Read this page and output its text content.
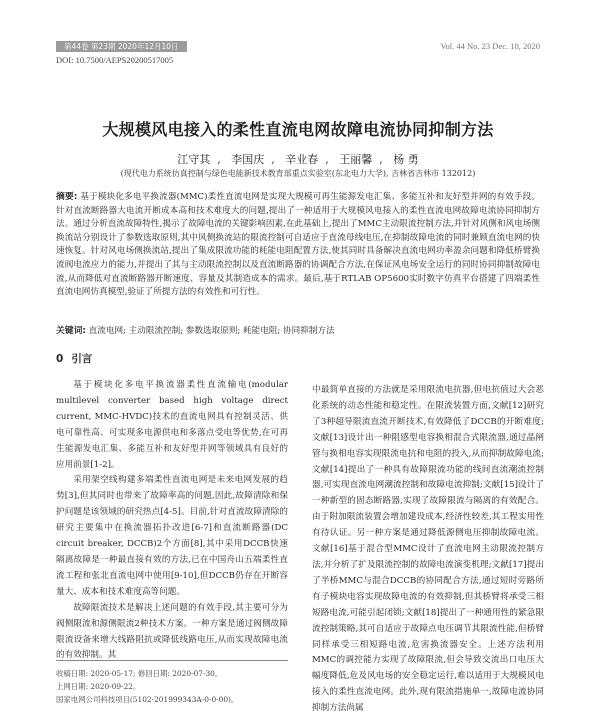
第44卷 第23期 2020年12月10日	Vol. 44 No. 23 Dec. 10, 2020
DOI: 10.7500/AEPS20200517005
大规模风电接入的柔性直流电网故障电流协同抑制方法
江守其 , 李国庆 , 辛业春 , 王丽馨 , 杨 勇
(现代电力系统仿真控制与绿色电能新技术教育部重点实验室(东北电力大学), 吉林省吉林市 132012)
摘要: 基于模块化多电平换流器(MMC)柔性直流电网是实现大规模可再生能源发电汇集、多能互补和友好型并网的有效手段。针对直流断路器大电流开断成本高和技术难度大的问题,提出了一种适用于大规模风电接入的柔性直流电网故障电流协同抑制方法。通过分析直流故障特性,揭示了故障电流的关键影响因素,在此基础上,提出了MMC主动限流控制方法,并针对风侧和风电场侧换流站分别设计了参数选取原则,其中风侧换流站的限流控制可自适应于直流母线电压,在抑制故障电流的同时兼顾直流电网的快速恢复。针对风电场侧换流站,提出了集成限流功能的耗能电阻配置方法,使其同时具备解决直流电网功率盈余问题和降低桥臂换流阀电流应力的能力,并提出了其与主动限流控制以及直流断路器的协调配合方法,在保证风电场安全运行的同时协同抑制故障电流,从而降低对直流断路器开断速度、容量及其制造成本的需求。最后,基于RTLAB OP5600实时数字仿真平台搭建了四端柔性直流电网仿真模型,验证了所提方法的有效性和可行性。
关键词: 直流电网; 主动限流控制; 参数选取原则; 耗能电阻; 协同抑制方法
0 引言

基于模块化多电平换流器柔性直流输电(modular multilevel converter based high voltage direct current, MMC-HVDC)技术的直流电网具有控制灵活、供电可靠性高、可实现多电源供电和多落点受电等优势,在可再生能源发电汇集、多能互补和友好型并网等领域具有良好的应用前景[1-2]。

采用架空线构建多端柔性直流电网是未来电网发展的趋势[3],但其同时也带来了故障率高的问题,因此,故障清除和保护问题是该领域的研究热点[4-5]。目前,针对直流故障清除的研究主要集中在换流器拓扑改进[6-7]和直流断路器(DC circuit breaker, DCCB)2个方面[8],其中采用DCCB快速隔离故障是一种最直接有效的方法,已在中国舟山五端柔性直流工程和张北直流电网中使用[9-10],但DCCB仍存在开断容量大、成本和技术难度高等问题。

故障限流技术是解决上述问题的有效手段,其主要可分为阀侧限流和源侧限流2种技术方案。一种方案是通过阀侧故障限流设备来增大线路阻抗或降低线路电压,从而实现故障电流的有效抑制。其

收稿日期: 2020-05-17; 修回日期: 2020-07-30。
上网日期: 2020-09-22。
国家电网公司科技项目(5102-201999343A-0-0-00)。

中最简单直接的方法就是采用限流电抗器,但电抗值过大会恶化系统的动态性能和稳定性。在限流装置方面,文献[12]研究了3种超导限流直流开断技术,有效降低了DCCB的开断难度;文献[13]设计出一种阻感型电容换相混合式限流器,通过晶闸管与换相电容实现限流电抗和电阻的投入,从而抑制故障电流;文献[14]提出了一种具有故障限流功能的线间直流潮流控制器,可实现直流电网潮流控制和故障电流抑制;文献[15]设计了一种新型的固态断路器,实现了故障限流与隔离的有效配合。由于附加限流装置会增加建设成本,经济性较差,其工程实用性有待认证。另一种方案是通过降低源侧电压抑制故障电流。文献[16]基于混合型MMC设计了直流电网主动限流控制方法,并分析了扩及限流控制的故障电流演变机理;文献[17]提出了半桥MMC与混合DCCB的协同配合方法,通过短时旁路所有子模块电容实现故障电流的有效抑制,但其桥臂将承受三相短路电流,可能引起闭锁;文献[18]提出了一种通用性的紧急限流控制策略,其可自适应于故障点电压调节其限流性能,但桥臂同样承受三相短路电流,危害换流器安全。上述方法利用MMC的调控能力实现了故障限流,但会导致交流出口电压大幅度降低,危及风电场的安全稳定运行,难以适用于大规模风电接入的柔性直流电网。此外,现有限流措施单一,故障电流协同抑制方法尚属
